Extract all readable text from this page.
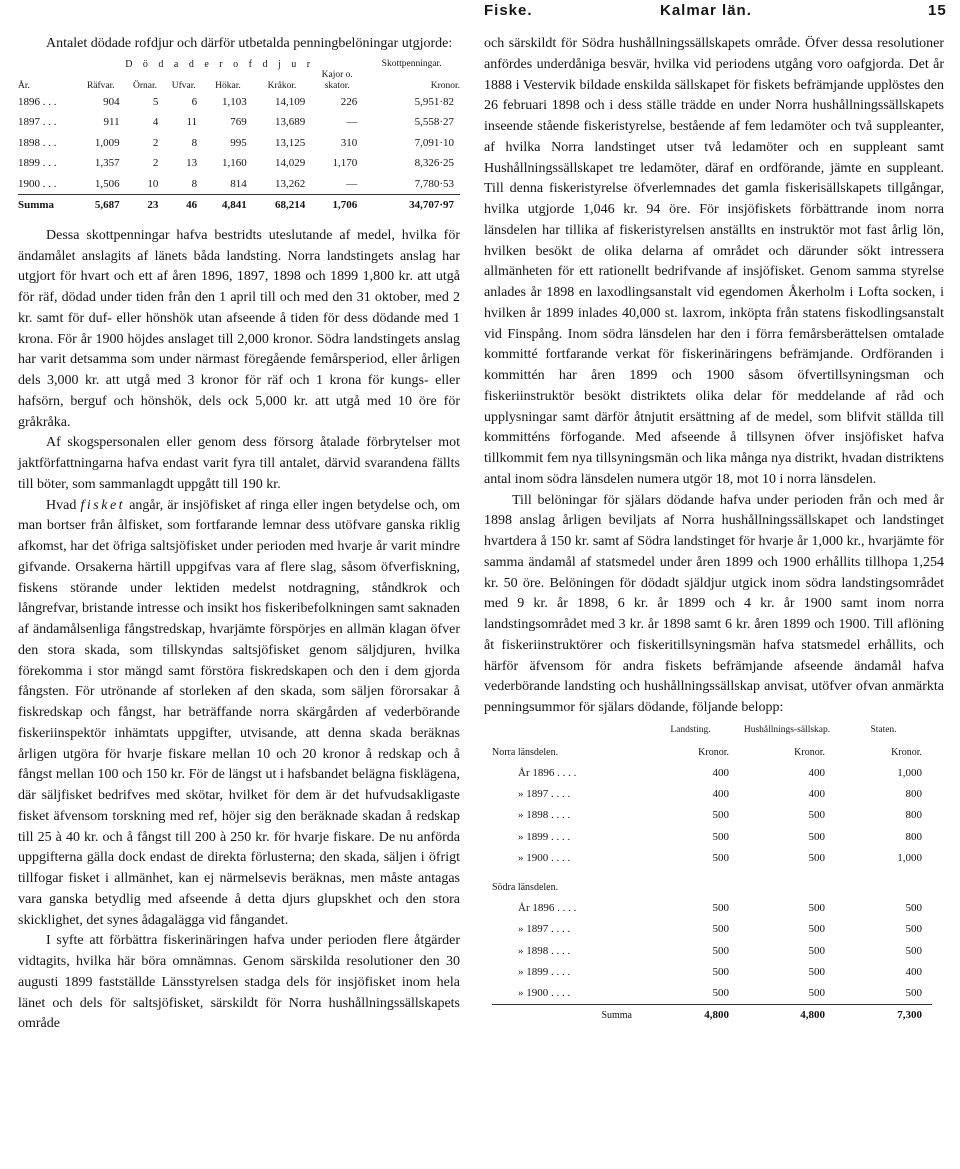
Fiske.	Kalmar län.	15

Antalet dödade rofdjur och därför utbetalda penningbelöningar utgjorde:

	D ö d a d e r o f d j u r						Skottpenningar.
År.	Räfvar.	Örnar.	Ufvar.	Hökar.	Kråkor.	Kajor o. skator.	Kronor.
1896 . . .	904	5	6	1,103	14,109	226	5,951·82
1897 . . .	911	4	11	769	13,689	—	5,558·27
1898 . . .	1,009	2	8	995	13,125	310	7,091·10
1899 . . .	1,357	2	13	1,160	14,029	1,170	8,326·25
1900 . . .	1,506	10	8	814	13,262	—	7,780·53
Summa	5,687	23	46	4,841	68,214	1,706	34,707·97

Dessa skottpenningar hafva bestridts uteslutande af medel, hvilka för ändamålet anslagits af länets båda landsting. Norra landstingets anslag har utgjort för hvart och ett af åren 1896, 1897, 1898 och 1899 1,800 kr. att utgå för räf, dödad under tiden från den 1 april till och med den 31 oktober, med 2 kr. samt för duf- eller hönshök utan afseende å tiden för dess dödande med 1 krona. För år 1900 höjdes anslaget till 2,000 kronor. Södra landstingets anslag har varit detsamma som under närmast föregående femårsperiod, eller årligen dels 3,000 kr. att utgå med 3 kronor för räf och 1 krona för kungs- eller hafsörn, berguf och hönshök, dels ock 5,000 kr. att utgå med 10 öre för gråkråka.

Af skogspersonalen eller genom dess försorg åtalade förbrytelser mot jaktförfattningarna hafva endast varit fyra till antalet, därvid svarandena fällts till böter, som sammanlagdt uppgått till 190 kr.

Hvad fisket angår, är insjöfisket af ringa eller ingen betydelse och, om man bortser från ålfisket, som fortfarande lemnar dess utöfvare ganska riklig afkomst, har det öfriga saltsjöfisket under perioden med hvarje år varit mindre gifvande. Orsakerna härtill uppgifvas vara af flere slag, såsom öfverfiskning, fiskens störande under lektiden medelst notdragning, ståndkrok och långrefvar, bristande intresse och insikt hos fiskeribefolkningen samt saknaden af ändamålsenliga fångstredskap, hvarjämte förspörjes en allmän klagan öfver den stora skada, som tillskyndas saltsjöfisket genom säljdjuren, hvilka förekomma i stor mängd samt förstöra fiskredskapen och den i dem gjorda fångsten. För utrönande af storleken af den skada, som säljen förorsakar å fiskredskap och fångst, har beträffande norra skärgården af vederbörande fiskeriinspektör inhämtats uppgifter, utvisande, att denna skada beräknas årligen utgöra för hvarje fiskare mellan 10 och 20 kronor å redskap och å fångst mellan 100 och 150 kr. För de längst ut i hafsbandet belägna fisklägena, där säljfisket bedrifves med skötar, hvilket för dem är det hufvudsakligaste fisket äfvensom torskning med ref, höjer sig den beräknade skadan å redskap till 25 à 40 kr. och å fångst till 200 à 250 kr. för hvarje fiskare. De nu anförda uppgifterna gälla dock endast de direkta förlusterna; den skada, säljen i öfrigt tillfogar fisket i allmänhet, kan ej närmelsevis beräknas, men måste antagas vara ganska betydlig med afseende å detta djurs glupskhet och den stora skicklighet, det synes ådagalägga vid fångandet.

I syfte att förbättra fiskerinäringen hafva under perioden flere åtgärder vidtagits, hvilka här böra omnämnas. Genom särskilda resolutioner den 30 augusti 1899 fastställde Länsstyrelsen stadga dels för insjöfisket inom hela länet och dels för saltsjöfisket, särskildt för Norra hushållningssällskapets område

och särskildt för Södra hushållningssällskapets område. Öfver dessa resolutioner anfördes underdåniga besvär, hvilka vid periodens utgång voro oafgjorda. Det år 1888 i Vestervik bildade enskilda sällskapet för fiskets befrämjande upplöstes den 26 februari 1898 och i dess ställe trädde en under Norra hushållningssällskapets inseende stående fiskeristyrelse, bestående af fem ledamöter och två suppleanter, af hvilka Norra landstinget utser två ledamöter och en suppleant samt Hushållningssällskapet tre ledamöter, däraf en ordförande, jämte en suppleant. Till denna fiskeristyrelse öfverlemnades det gamla fiskerisällskapets tillgångar, hvilka utgjorde 1,046 kr. 94 öre. För insjöfiskets förbättrande inom norra länsdelen har tillika af fiskeristyrelsen anställts en instruktör mot fast årlig lön, hvilken besökt de olika delarna af området och därunder sökt intressera allmänheten för ett rationellt bedrifvande af insjöfisket. Genom samma styrelse anlades år 1898 en laxodlingsanstalt vid egendomen Åkerholm i Lofta socken, i hvilken år 1899 inlades 40,000 st. laxrom, inköpta från statens fiskodlingsanstalt vid Finspång. Inom södra länsdelen har den i förra femårsberättelsen omtalade kommitté fortfarande verkat för fiskerinäringens befrämjande. Ordföranden i kommittén har åren 1899 och 1900 såsom öfvertillsyningsman och fiskeriinstruktör besökt distriktets olika delar för meddelande af råd och upplysningar samt därför åtnjutit ersättning af de medel, som blifvit ställda till kommitténs förfogande. Med afseende å tillsynen öfver insjöfisket hafva tillkommit fem nya tillsyningsmän och lika många nya distrikt, hvadan distriktens antal inom södra länsdelen numera utgör 18, mot 10 i norra länsdelen.

Till belöningar för själars dödande hafva under perioden från och med år 1898 anslag årligen beviljats af Norra hushållningssällskapet och landstinget hvartdera å 150 kr. samt af Södra landstinget för hvarje år 1,000 kr., hvarjämte för samma ändamål af statsmedel under åren 1899 och 1900 erhållits tillhopa 1,254 kr. 50 öre. Belöningen för dödadt själdjur utgick inom södra landstingsområdet med 9 kr. år 1898, 6 kr. år 1899 och 4 kr. år 1900 samt inom norra landstingsområdet med 3 kr. år 1898 samt 6 kr. åren 1899 och 1900. Till aflöning åt fiskeriinstruktörer och fiskeritillsyningsmän hafva statsmedel erhållits, och härför äfvensom för andra fiskets befrämjande afseende ändamål hafva vederbörande landsting och hushållningssällskap anvisat, utöfver ofvan anmärkta penningsummor för själars dödande, följande belopp:

	Landsting.	Hushållnings-sällskap.	Staten.
Norra länsdelen.	Kronor.	Kronor.	Kronor.
År 1896 . . . .	400	400	1,000
» 1897 . . . .	400	400	800
» 1898 . . . .	500	500	800
» 1899 . . . .	500	500	800
» 1900 . . . .	500	500	1,000
Södra länsdelen.			
År 1896 . . . .	500	500	500
» 1897 . . . .	500	500	500
» 1898 . . . .	500	500	500
» 1899 . . . .	500	500	400
» 1900 . . . .	500	500	500
Summa	4,800	4,800	7,300
